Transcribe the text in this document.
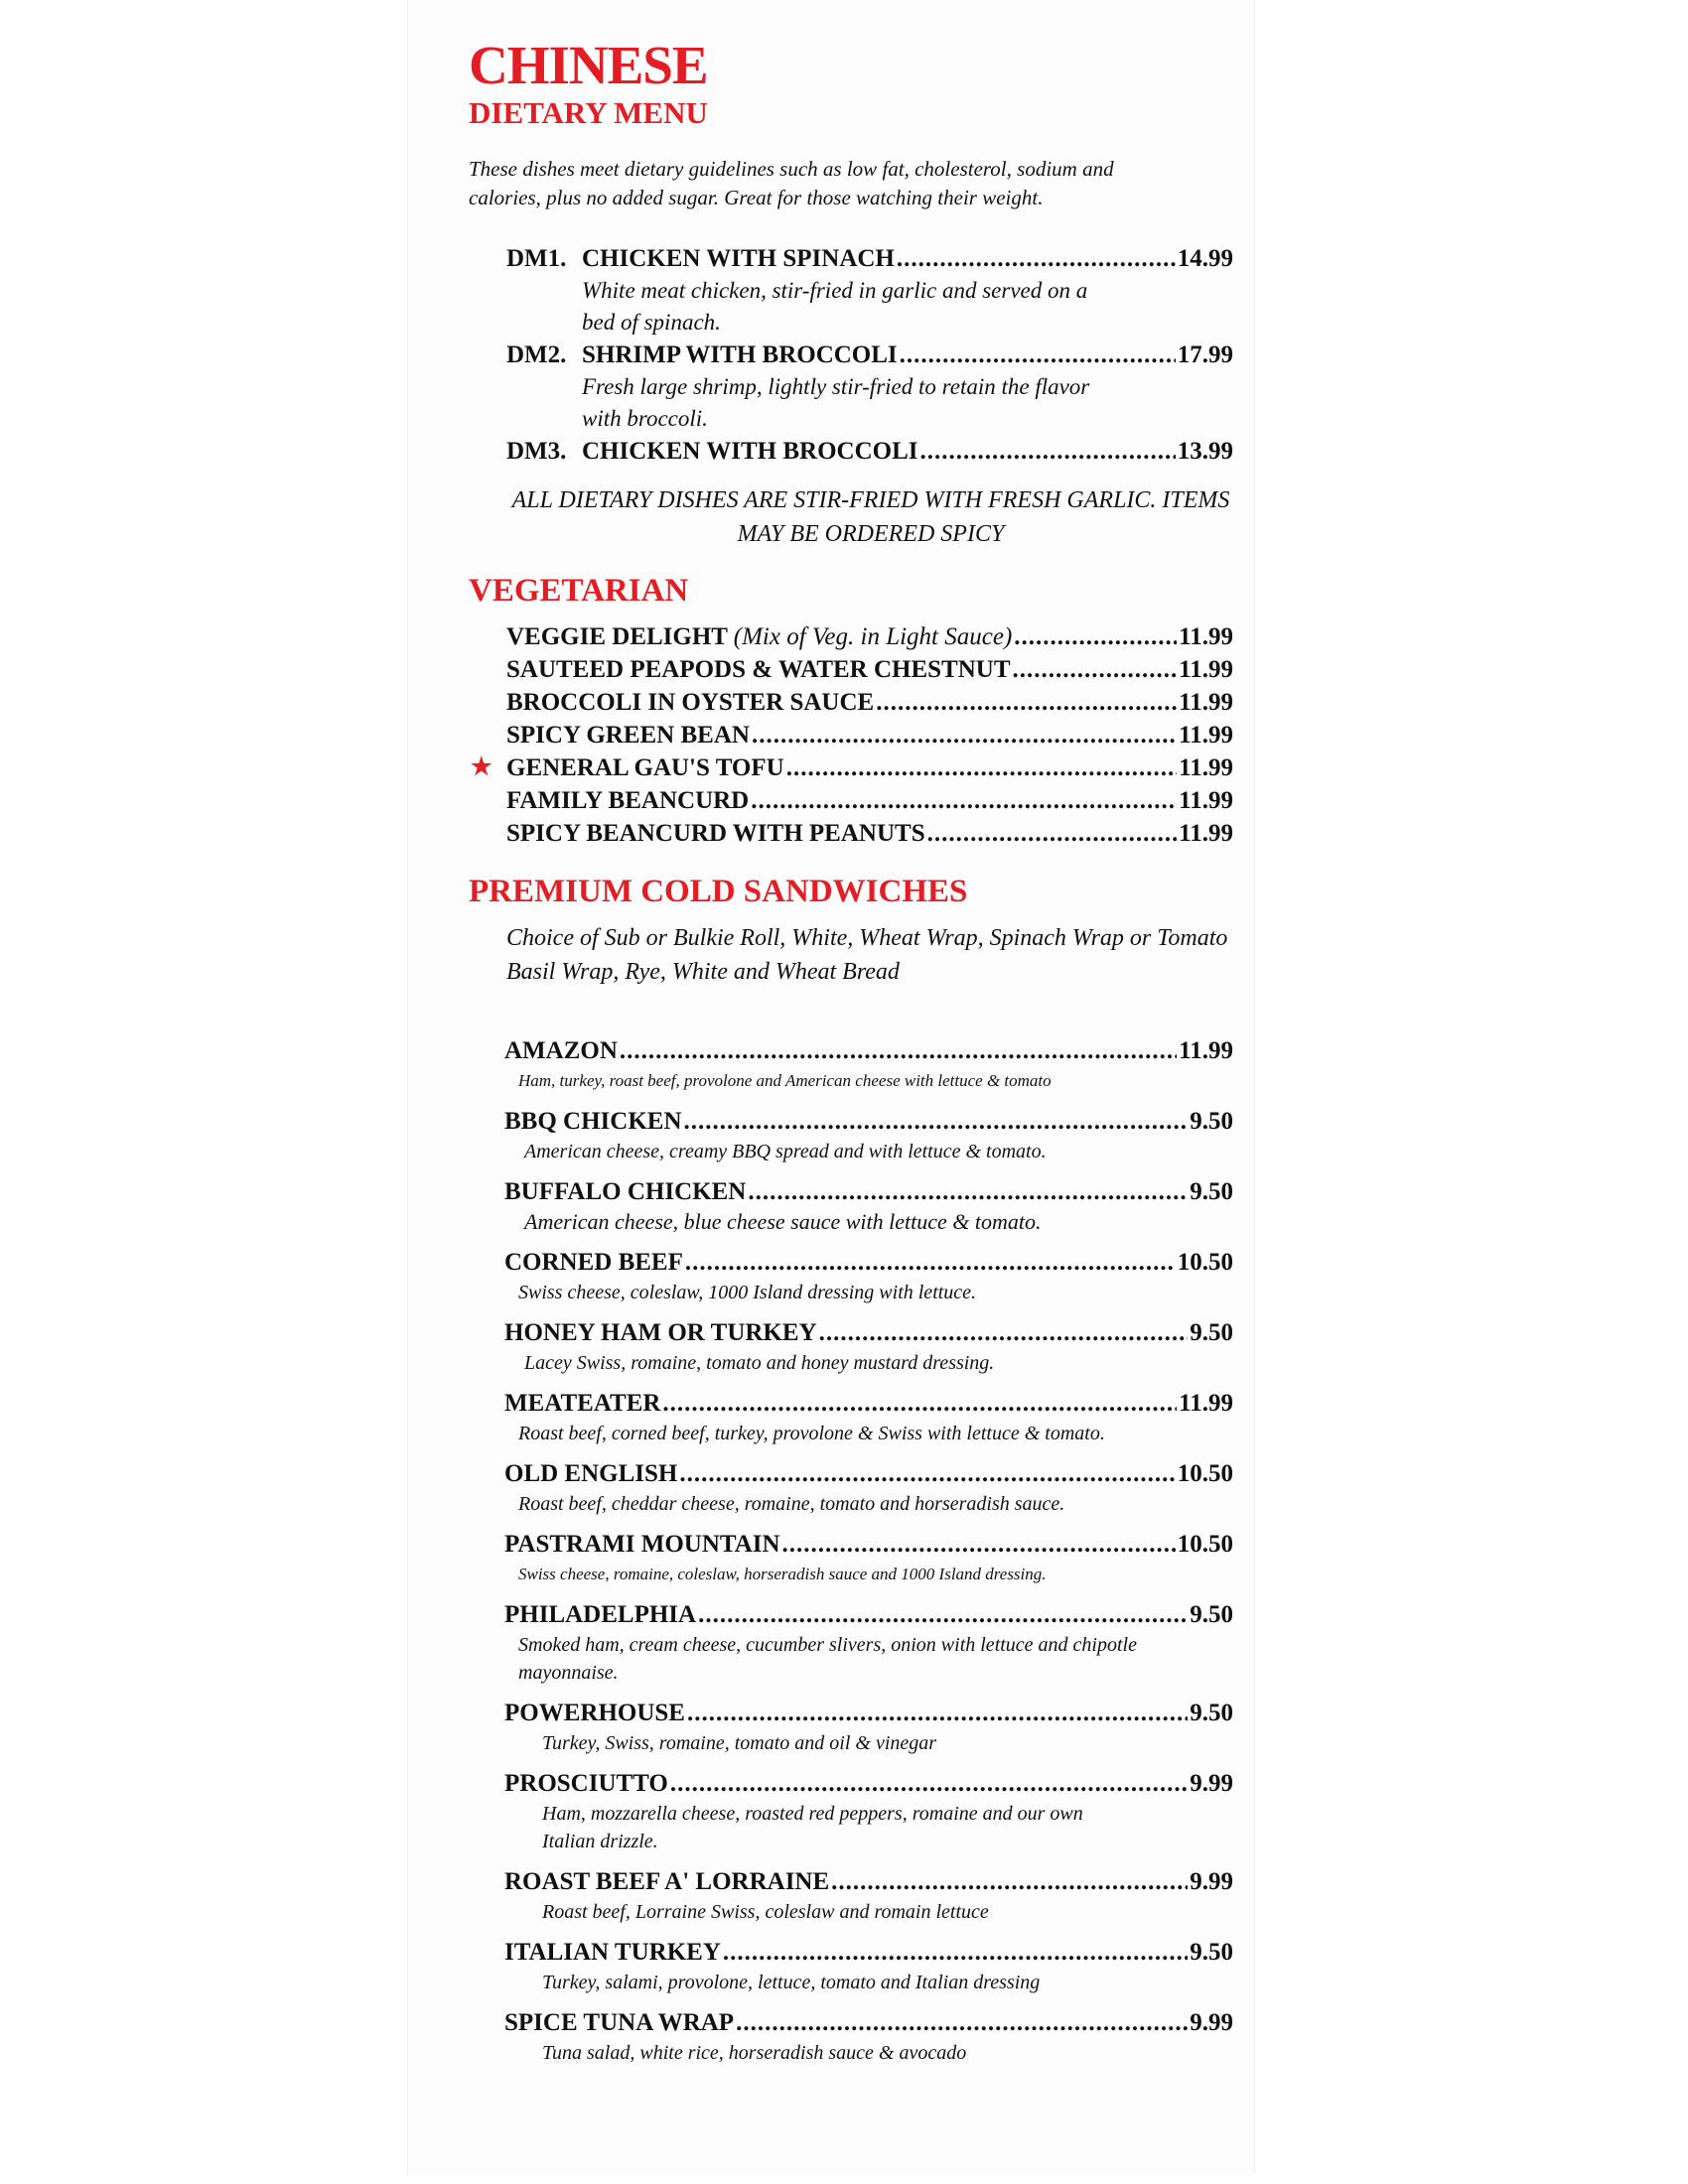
CHINESE
DIETARY MENU

These dishes meet dietary guidelines such as low fat, cholesterol, sodium and calories, plus no added sugar. Great for those watching their weight.

DM1. CHICKEN WITH SPINACH .....	14.99
White meat chicken, stir-fried in garlic and served on a bed of spinach.
DM2. SHRIMP WITH BROCCOLI .....	17.99
Fresh large shrimp, lightly stir-fried to retain the flavor with broccoli.
DM3. CHICKEN WITH BROCCOLI .....	13.99
ALL DIETARY DISHES ARE STIR-FRIED WITH FRESH GARLIC. ITEMS MAY BE ORDERED SPICY
VEGETARIAN
VEGGIE DELIGHT (Mix of Veg. in Light Sauce) .....	11.99
SAUTEED PEAPODS & WATER CHESTNUT .....	11.99
BROCCOLI IN OYSTER SAUCE .....	11.99
SPICY GREEN BEAN .....	11.99
★ GENERAL GAU'S TOFU .....	11.99
FAMILY BEANCURD .....	11.99
SPICY BEANCURD WITH PEANUTS .....	11.99
PREMIUM COLD SANDWICHES

Choice of Sub or Bulkie Roll, White, Wheat Wrap, Spinach Wrap or Tomato Basil Wrap, Rye, White and Wheat Bread

AMAZON .....	11.99
Ham, turkey, roast beef, provolone and American cheese with lettuce & tomato
BBQ CHICKEN .....	9.50
American cheese, creamy BBQ spread and with lettuce & tomato.
BUFFALO CHICKEN .....	9.50
American cheese, blue cheese sauce with lettuce & tomato.
CORNED BEEF .....	10.50
Swiss cheese, coleslaw, 1000 Island dressing with lettuce.
HONEY HAM OR TURKEY .....	9.50
Lacey Swiss, romaine, tomato and honey mustard dressing.
MEATEATER .....	11.99
Roast beef, corned beef, turkey, provolone & Swiss with lettuce & tomato.
OLD ENGLISH .....	10.50
Roast beef, cheddar cheese, romaine, tomato and horseradish sauce.
PASTRAMI MOUNTAIN .....	10.50
Swiss cheese, romaine, coleslaw, horseradish sauce and 1000 Island dressing.
PHILADELPHIA .....	9.50
Smoked ham, cream cheese, cucumber slivers, onion with lettuce and chipotle mayonnaise.
POWERHOUSE .....	9.50
Turkey, Swiss, romaine, tomato and oil & vinegar
PROSCIUTTO .....	9.99
Ham, mozzarella cheese, roasted red peppers, romaine and our own Italian drizzle.
ROAST BEEF A' LORRAINE .....	9.99
Roast beef, Lorraine Swiss, coleslaw and romain lettuce
ITALIAN TURKEY .....	9.50
Turkey, salami, provolone, lettuce, tomato and Italian dressing
SPICE TUNA WRAP .....	9.99
Tuna salad, white rice, horseradish sauce & avocado
